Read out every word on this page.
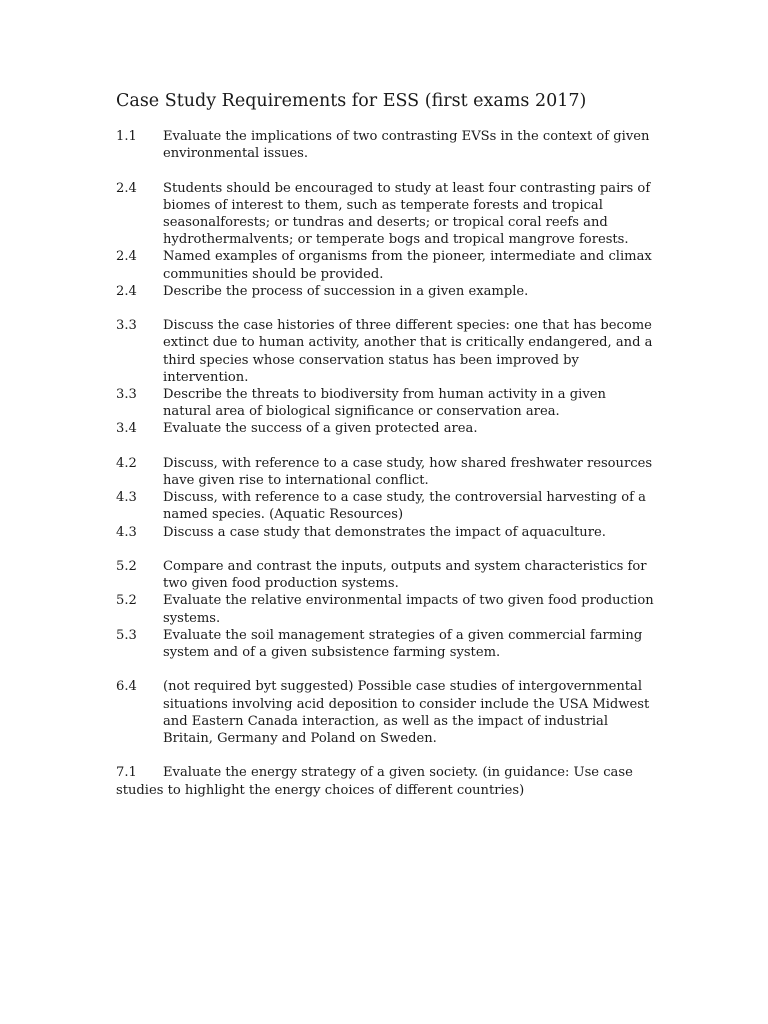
Case Study Requirements for ESS (first exams 2017)
1.1 Evaluate the implications of two contrasting EVSs in the context of given environmental issues.
2.4 Students should be encouraged to study at least four contrasting pairs of biomes of interest to them, such as temperate forests and tropical seasonalforests; or tundras and deserts; or tropical coral reefs and hydrothermalvents; or temperate bogs and tropical mangrove forests.
2.4 Named examples of organisms from the pioneer, intermediate and climax communities should be provided.
2.4 Describe the process of succession in a given example.
3.3 Discuss the case histories of three different species: one that has become extinct due to human activity, another that is critically endangered, and a third species whose conservation status has been improved by intervention.
3.3 Describe the threats to biodiversity from human activity in a given natural area of biological significance or conservation area.
3.4 Evaluate the success of a given protected area.
4.2 Discuss, with reference to a case study, how shared freshwater resources have given rise to international conflict.
4.3 Discuss, with reference to a case study, the controversial harvesting of a named species. (Aquatic Resources)
4.3 Discuss a case study that demonstrates the impact of aquaculture.
5.2 Compare and contrast the inputs, outputs and system characteristics for two given food production systems.
5.2 Evaluate the relative environmental impacts of two given food production systems.
5.3 Evaluate the soil management strategies of a given commercial farming system and of a given subsistence farming system.
6.4 (not required byt suggested) Possible case studies of intergovernmental situations involving acid deposition to consider include the USA Midwest and Eastern Canada interaction, as well as the impact of industrial Britain, Germany and Poland on Sweden.
7.1 Evaluate the energy strategy of a given society. (in guidance: Use case studies to highlight the energy choices of different countries)
